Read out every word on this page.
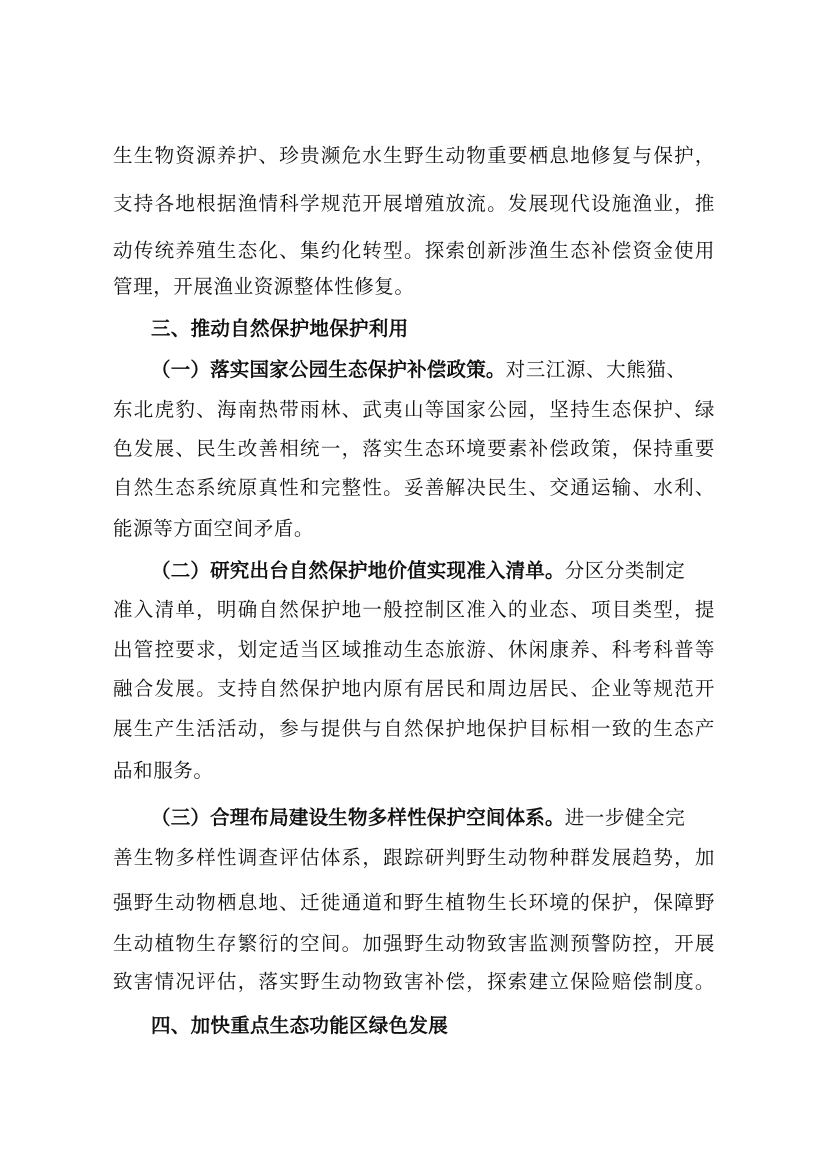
生生物资源养护、珍贵濒危水生野生动物重要栖息地修复与保护，
支持各地根据渔情科学规范开展增殖放流。发展现代设施渔业，推
动传统养殖生态化、集约化转型。探索创新涉渔生态补偿资金使用
管理，开展渔业资源整体性修复。
三、推动自然保护地保护利用
（一）落实国家公园生态保护补偿政策。对三江源、大熊猫、
东北虎豹、海南热带雨林、武夷山等国家公园，坚持生态保护、绿
色发展、民生改善相统一，落实生态环境要素补偿政策，保持重要
自然生态系统原真性和完整性。妥善解决民生、交通运输、水利、
能源等方面空间矛盾。
（二）研究出台自然保护地价值实现准入清单。分区分类制定
准入清单，明确自然保护地一般控制区准入的业态、项目类型，提
出管控要求，划定适当区域推动生态旅游、休闲康养、科考科普等
融合发展。支持自然保护地内原有居民和周边居民、企业等规范开
展生产生活活动，参与提供与自然保护地保护目标相一致的生态产
品和服务。
（三）合理布局建设生物多样性保护空间体系。进一步健全完
善生物多样性调查评估体系，跟踪研判野生动物种群发展趋势，加
强野生动物栖息地、迁徙通道和野生植物生长环境的保护，保障野
生动植物生存繁衍的空间。加强野生动物致害监测预警防控，开展
致害情况评估，落实野生动物致害补偿，探索建立保险赔偿制度。
四、加快重点生态功能区绿色发展
